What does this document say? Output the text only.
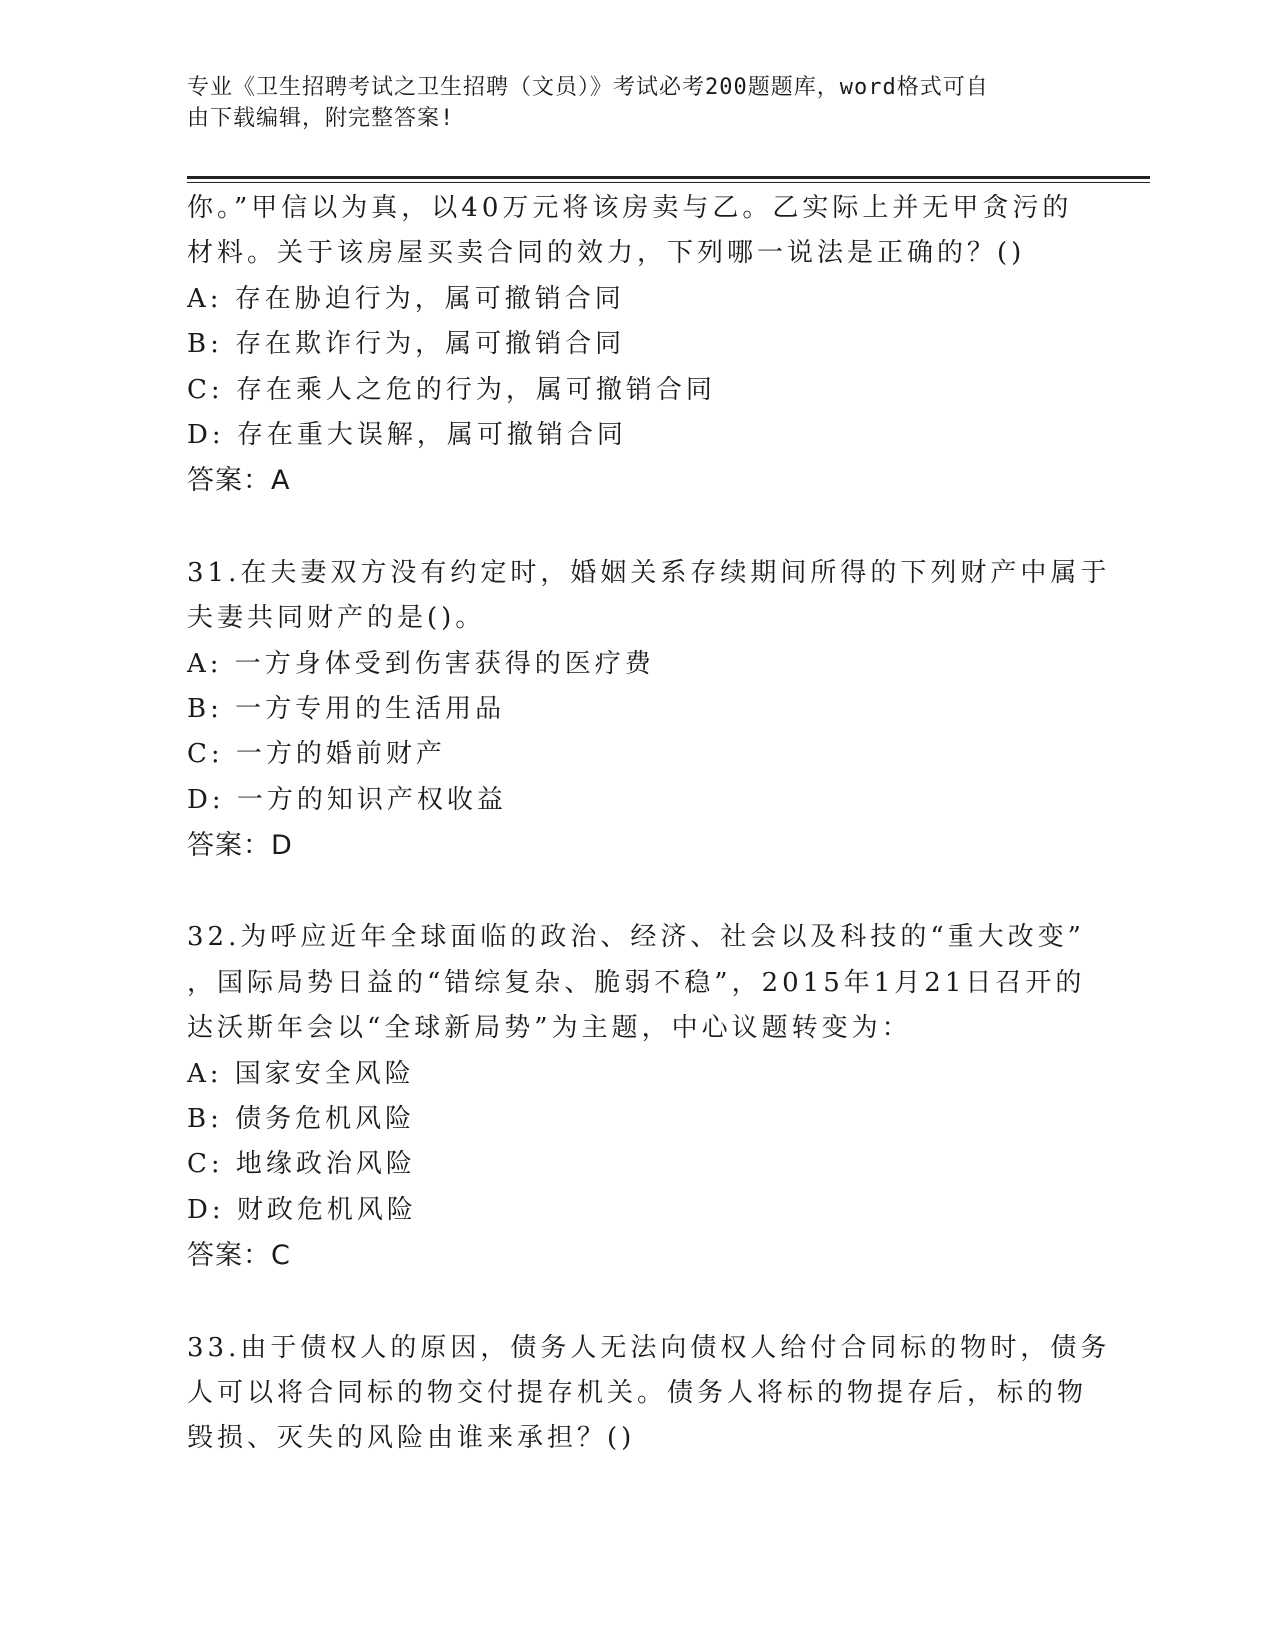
专业《卫生招聘考试之卫生招聘（文员）》考试必考200题题库，word格式可自
由下载编辑，附完整答案!
你。”甲信以为真，以40万元将该房卖与乙。乙实际上并无甲贪污的
材料。关于该房屋买卖合同的效力，下列哪一说法是正确的？()
A: 存在胁迫行为，属可撤销合同
B: 存在欺诈行为，属可撤销合同
C: 存在乘人之危的行为，属可撤销合同
D: 存在重大误解，属可撤销合同
答案：A
31.在夫妻双方没有约定时，婚姻关系存续期间所得的下列财产中属于
夫妻共同财产的是()。
A: 一方身体受到伤害获得的医疗费
B: 一方专用的生活用品
C: 一方的婚前财产
D: 一方的知识产权收益
答案：D
32.为呼应近年全球面临的政治、经济、社会以及科技的“重大改变”
，国际局势日益的“错综复杂、脆弱不稳”，2015年1月21日召开的
达沃斯年会以“全球新局势”为主题，中心议题转变为：
A: 国家安全风险
B: 债务危机风险
C: 地缘政治风险
D: 财政危机风险
答案：C
33.由于债权人的原因，债务人无法向债权人给付合同标的物时，债务
人可以将合同标的物交付提存机关。债务人将标的物提存后，标的物
毁损、灭失的风险由谁来承担？()
